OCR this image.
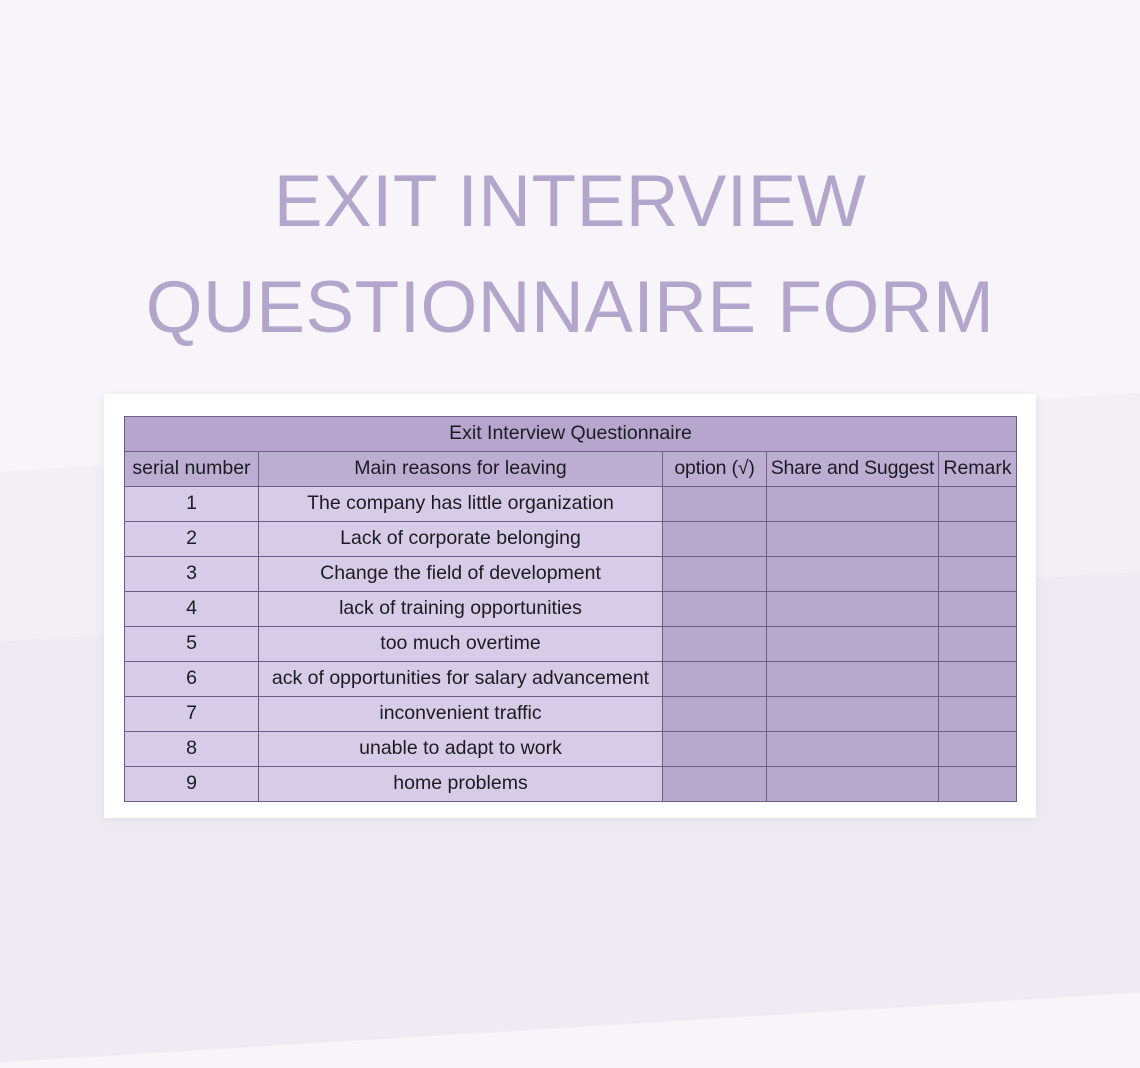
EXIT INTERVIEW
QUESTIONNAIRE FORM
Exit Interview Questionnaire				
serial number	Main reasons for leaving	option (√)	Share and Suggest	Remark
1	The company has little organization			
2	Lack of corporate belonging			
3	Change the field of development			
4	lack of training opportunities			
5	too much overtime			
6	ack of opportunities for salary advancement			
7	inconvenient traffic			
8	unable to adapt to work			
9	home problems			
